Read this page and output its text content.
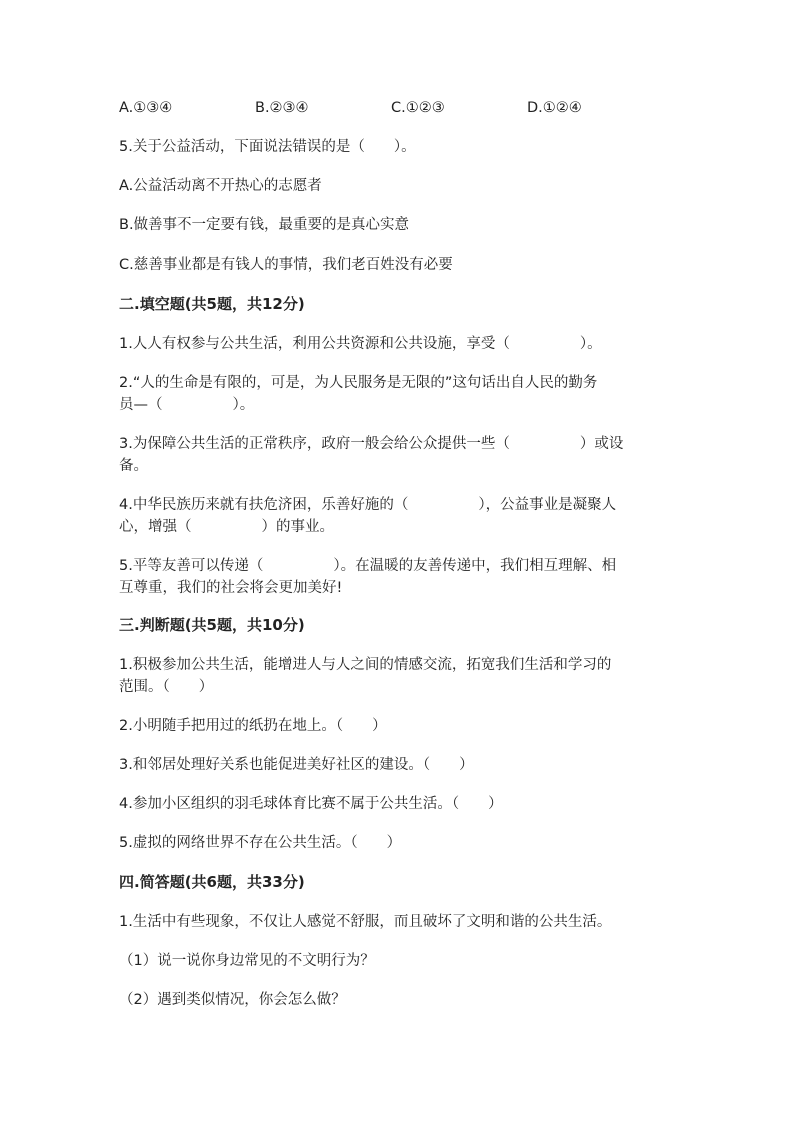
A.①③④	B.②③④	C.①②③	D.①②④
5.关于公益活动，下面说法错误的是（　　）。
A.公益活动离不开热心的志愿者
B.做善事不一定要有钱，最重要的是真心实意
C.慈善事业都是有钱人的事情，我们老百姓没有必要
二.填空题(共5题，共12分)
1.人人有权参与公共生活，利用公共资源和公共设施，享受（	）。
2.“人的生命是有限的，可是，为人民服务是无限的”这句话出自人民的勤务
员—（	）。
3.为保障公共生活的正常秩序，政府一般会给公众提供一些（	）或设
备。
4.中华民族历来就有扶危济困，乐善好施的（	），公益事业是凝聚人
心，增强（	）的事业。
5.平等友善可以传递（	）。在温暖的友善传递中，我们相互理解、相
互尊重，我们的社会将会更加美好!
三.判断题(共5题，共10分)
1.积极参加公共生活，能增进人与人之间的情感交流，拓宽我们生活和学习的
范围。（　　）
2.小明随手把用过的纸扔在地上。（　　）
3.和邻居处理好关系也能促进美好社区的建设。（　　）
4.参加小区组织的羽毛球体育比赛不属于公共生活。（　　）
5.虚拟的网络世界不存在公共生活。（　　）
四.简答题(共6题，共33分)
1.生活中有些现象，不仅让人感觉不舒服，而且破坏了文明和谐的公共生活。
（1）说一说你身边常见的不文明行为？
（2）遇到类似情况，你会怎么做？
